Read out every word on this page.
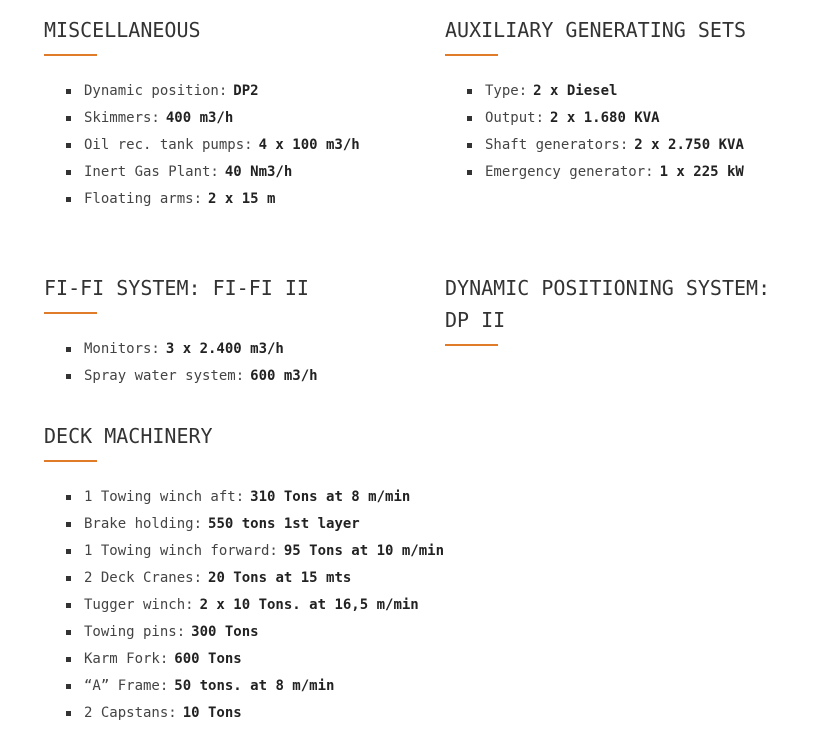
MISCELLANEOUS
Dynamic position: DP2
Skimmers: 400 m3/h
Oil rec. tank pumps: 4 x 100 m3/h
Inert Gas Plant: 40 Nm3/h
Floating arms: 2 x 15 m
AUXILIARY GENERATING SETS
Type: 2 x Diesel
Output: 2 x 1.680 KVA
Shaft generators: 2 x 2.750 KVA
Emergency generator: 1 x 225 kW
FI-FI SYSTEM: FI-FI II
Monitors: 3 x 2.400 m3/h
Spray water system: 600 m3/h
DYNAMIC POSITIONING SYSTEM: DP II
DECK MACHINERY
1 Towing winch aft: 310 Tons at 8 m/min
Brake holding: 550 tons 1st layer
1 Towing winch forward: 95 Tons at 10 m/min
2 Deck Cranes: 20 Tons at 15 mts
Tugger winch: 2 x 10 Tons. at 16,5 m/min
Towing pins: 300 Tons
Karm Fork: 600 Tons
“A” Frame: 50 tons. at 8 m/min
2 Capstans: 10 Tons
